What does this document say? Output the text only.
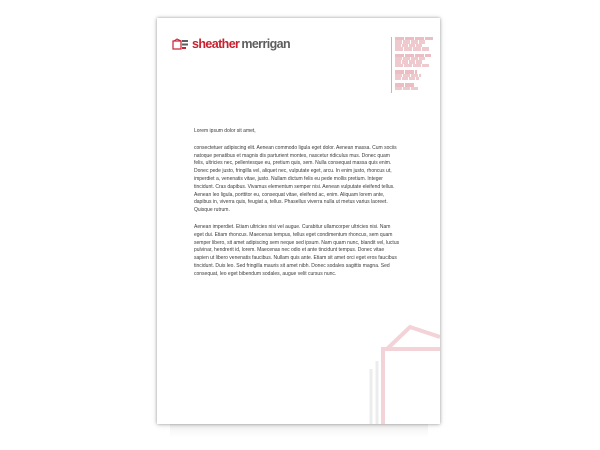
sheather merrigan

Lorem ipsum dolor sit amet,

consectetuer adipiscing elit. Aenean commodo ligula eget dolor. Aenean massa. Cum sociis natoque penatibus et magnis dis parturient montes, nascetur ridiculus mus. Donec quam felis, ultricies nec, pellentesque eu, pretium quis, sem. Nulla consequat massa quis enim. Donec pede justo, fringilla vel, aliquet nec, vulputate eget, arcu. In enim justo, rhoncus ut, imperdiet a, venenatis vitae, justo. Nullam dictum felis eu pede mollis pretium. Integer tincidunt. Cras dapibus. Vivamus elementum semper nisi. Aenean vulputate eleifend tellus. Aenean leo ligula, porttitor eu, consequat vitae, eleifend ac, enim. Aliquam lorem ante, dapibus in, viverra quis, feugiat a, tellus. Phasellus viverra nulla ut metus varius laoreet. Quisque rutrum.

Aenean imperdiet. Etiam ultricies nisi vel augue. Curabitur ullamcorper ultricies nisi. Nam eget dui. Etiam rhoncus. Maecenas tempus, tellus eget condimentum rhoncus, sem quam semper libero, sit amet adipiscing sem neque sed ipsum. Nam quam nunc, blandit vel, luctus pulvinar, hendrerit id, lorem. Maecenas nec odio et ante tincidunt tempus. Donec vitae sapien ut libero venenatis faucibus. Nullam quis ante. Etiam sit amet orci eget eros faucibus tincidunt. Duis leo. Sed fringilla mauris sit amet nibh. Donec sodales sagittis magna. Sed consequat, leo eget bibendum sodales, augue velit cursus nunc.
